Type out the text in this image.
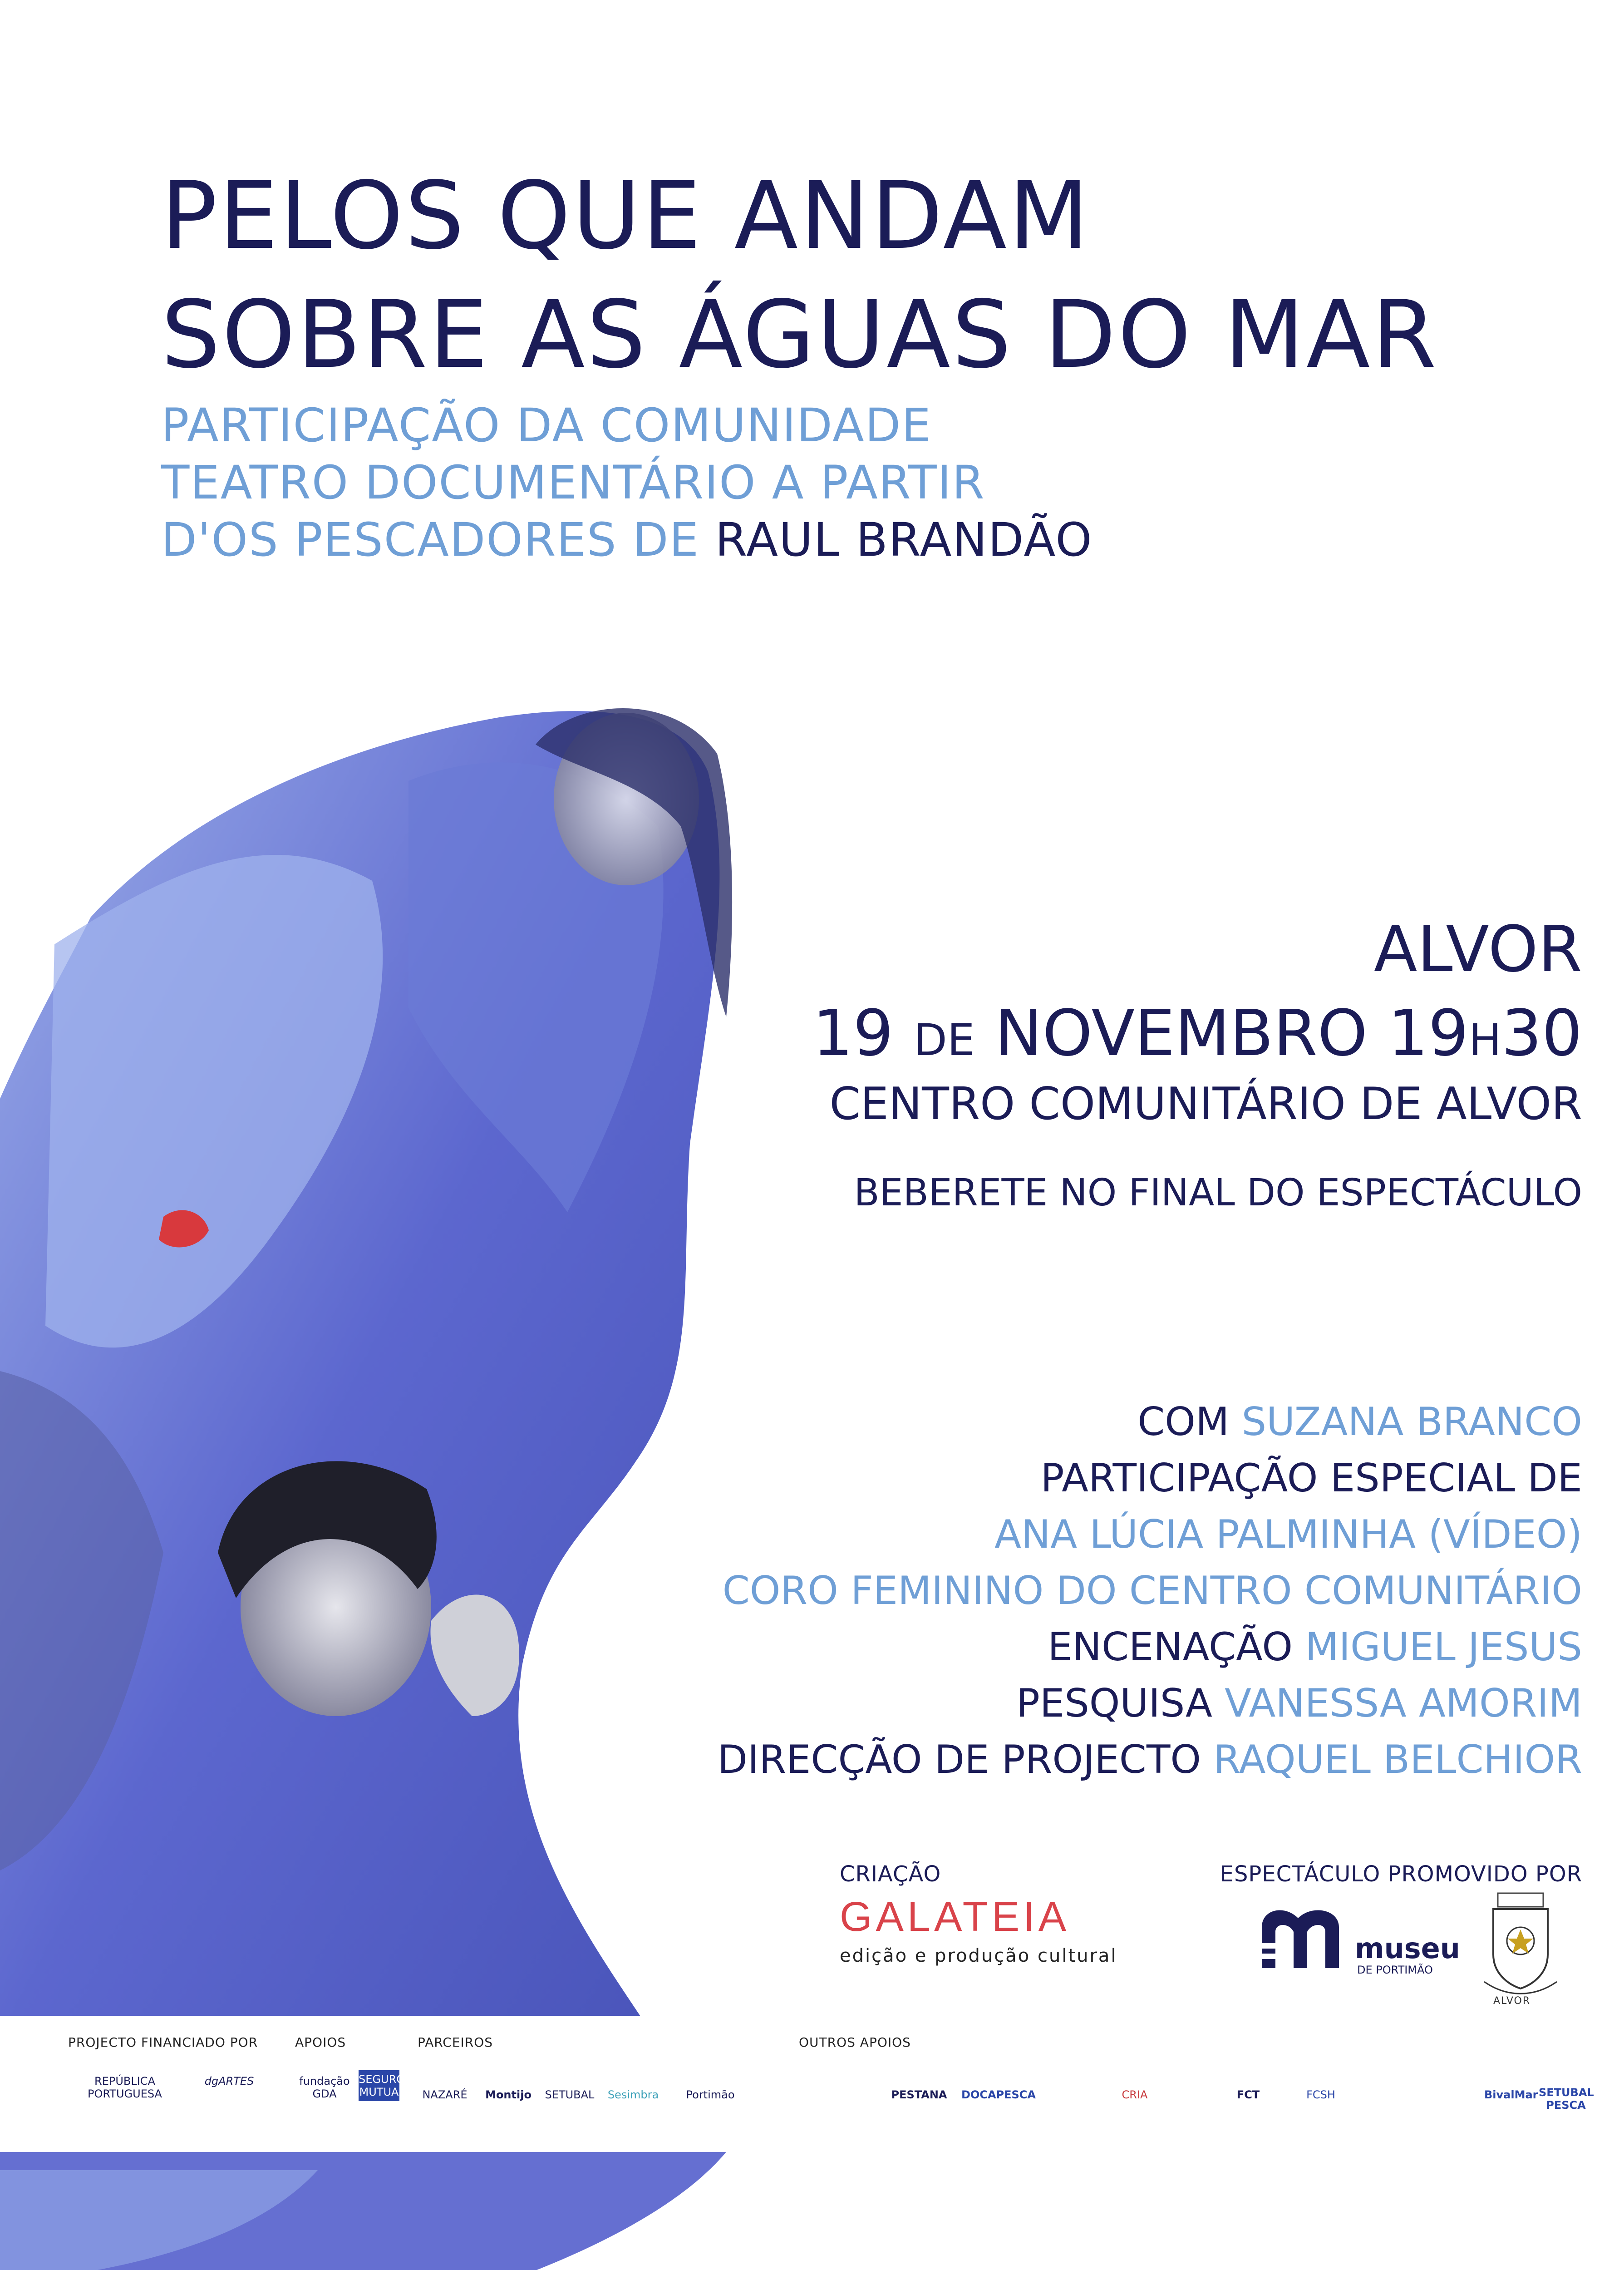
PELOS QUE ANDAM
SOBRE AS ÁGUAS DO MAR
PARTICIPAÇÃO DA COMUNIDADE
TEATRO DOCUMENTÁRIO A PARTIR
D'OS PESCADORES DE RAUL BRANDÃO
ALVOR
19 DE NOVEMBRO 19H30
CENTRO COMUNITÁRIO DE ALVOR
BEBERETE NO FINAL DO ESPECTÁCULO
COM SUZANA BRANCO
PARTICIPAÇÃO ESPECIAL DE
ANA LÚCIA PALMINHA (VÍDEO)
CORO FEMININO DO CENTRO COMUNITÁRIO
ENCENAÇÃO MIGUEL JESUS
PESQUISA VANESSA AMORIM
DIRECÇÃO DE PROJECTO RAQUEL BELCHIOR
CRIAÇÃO
GALATEIA
edição e produção cultural
ESPECTÁCULO PROMOVIDO POR
museu
DE PORTIMÃO
ALVOR
PROJECTO FINANCIADO POR	APOIOS	PARCEIROS	OUTROS APOIOS
REPÚBLICA PORTUGUESA
dgARTES	fundação GDA
SEGUROS MUTUA	NAZARÉ	Montijo	SETUBAL	Sesimbra	Portimão	PESTANA	DOCAPESCA	CRIA	FCT	FCSH	BivalMar SETUBAL PESCA
